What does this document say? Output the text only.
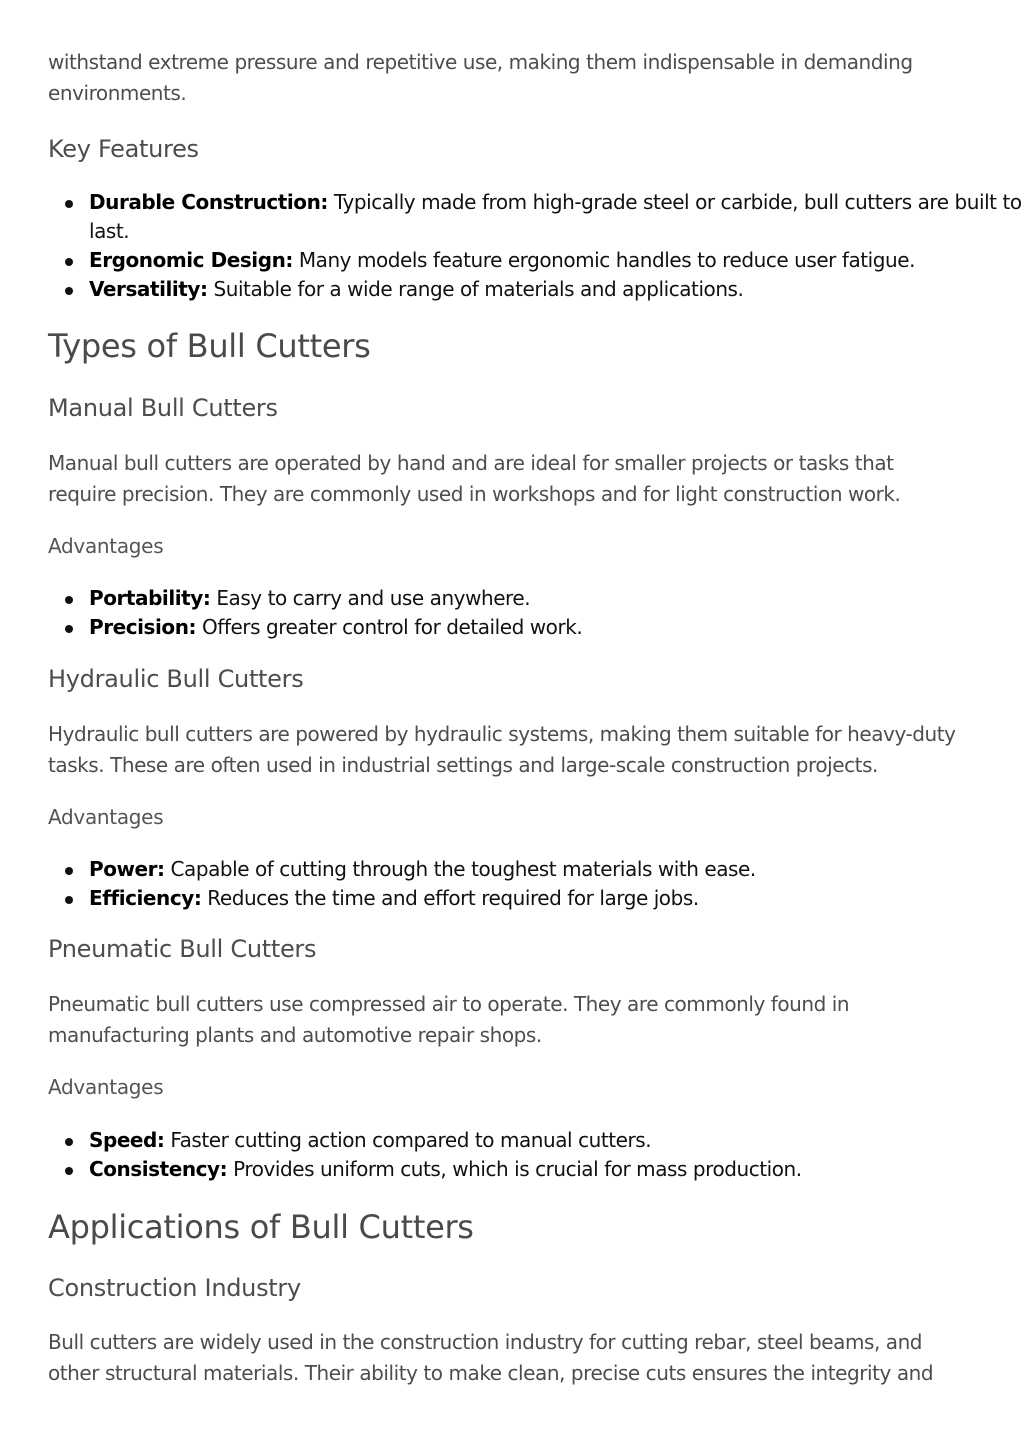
withstand extreme pressure and repetitive use, making them indispensable in demanding environments.

Key Features
Durable Construction: Typically made from high-grade steel or carbide, bull cutters are built to last.
Ergonomic Design: Many models feature ergonomic handles to reduce user fatigue.
Versatility: Suitable for a wide range of materials and applications.
Types of Bull Cutters
Manual Bull Cutters

Manual bull cutters are operated by hand and are ideal for smaller projects or tasks that require precision. They are commonly used in workshops and for light construction work.

Advantages
Portability: Easy to carry and use anywhere.
Precision: Offers greater control for detailed work.
Hydraulic Bull Cutters

Hydraulic bull cutters are powered by hydraulic systems, making them suitable for heavy-duty tasks. These are often used in industrial settings and large-scale construction projects.

Advantages
Power: Capable of cutting through the toughest materials with ease.
Efficiency: Reduces the time and effort required for large jobs.
Pneumatic Bull Cutters

Pneumatic bull cutters use compressed air to operate. They are commonly found in manufacturing plants and automotive repair shops.

Advantages
Speed: Faster cutting action compared to manual cutters.
Consistency: Provides uniform cuts, which is crucial for mass production.
Applications of Bull Cutters
Construction Industry

Bull cutters are widely used in the construction industry for cutting rebar, steel beams, and other structural materials. Their ability to make clean, precise cuts ensures the integrity and
